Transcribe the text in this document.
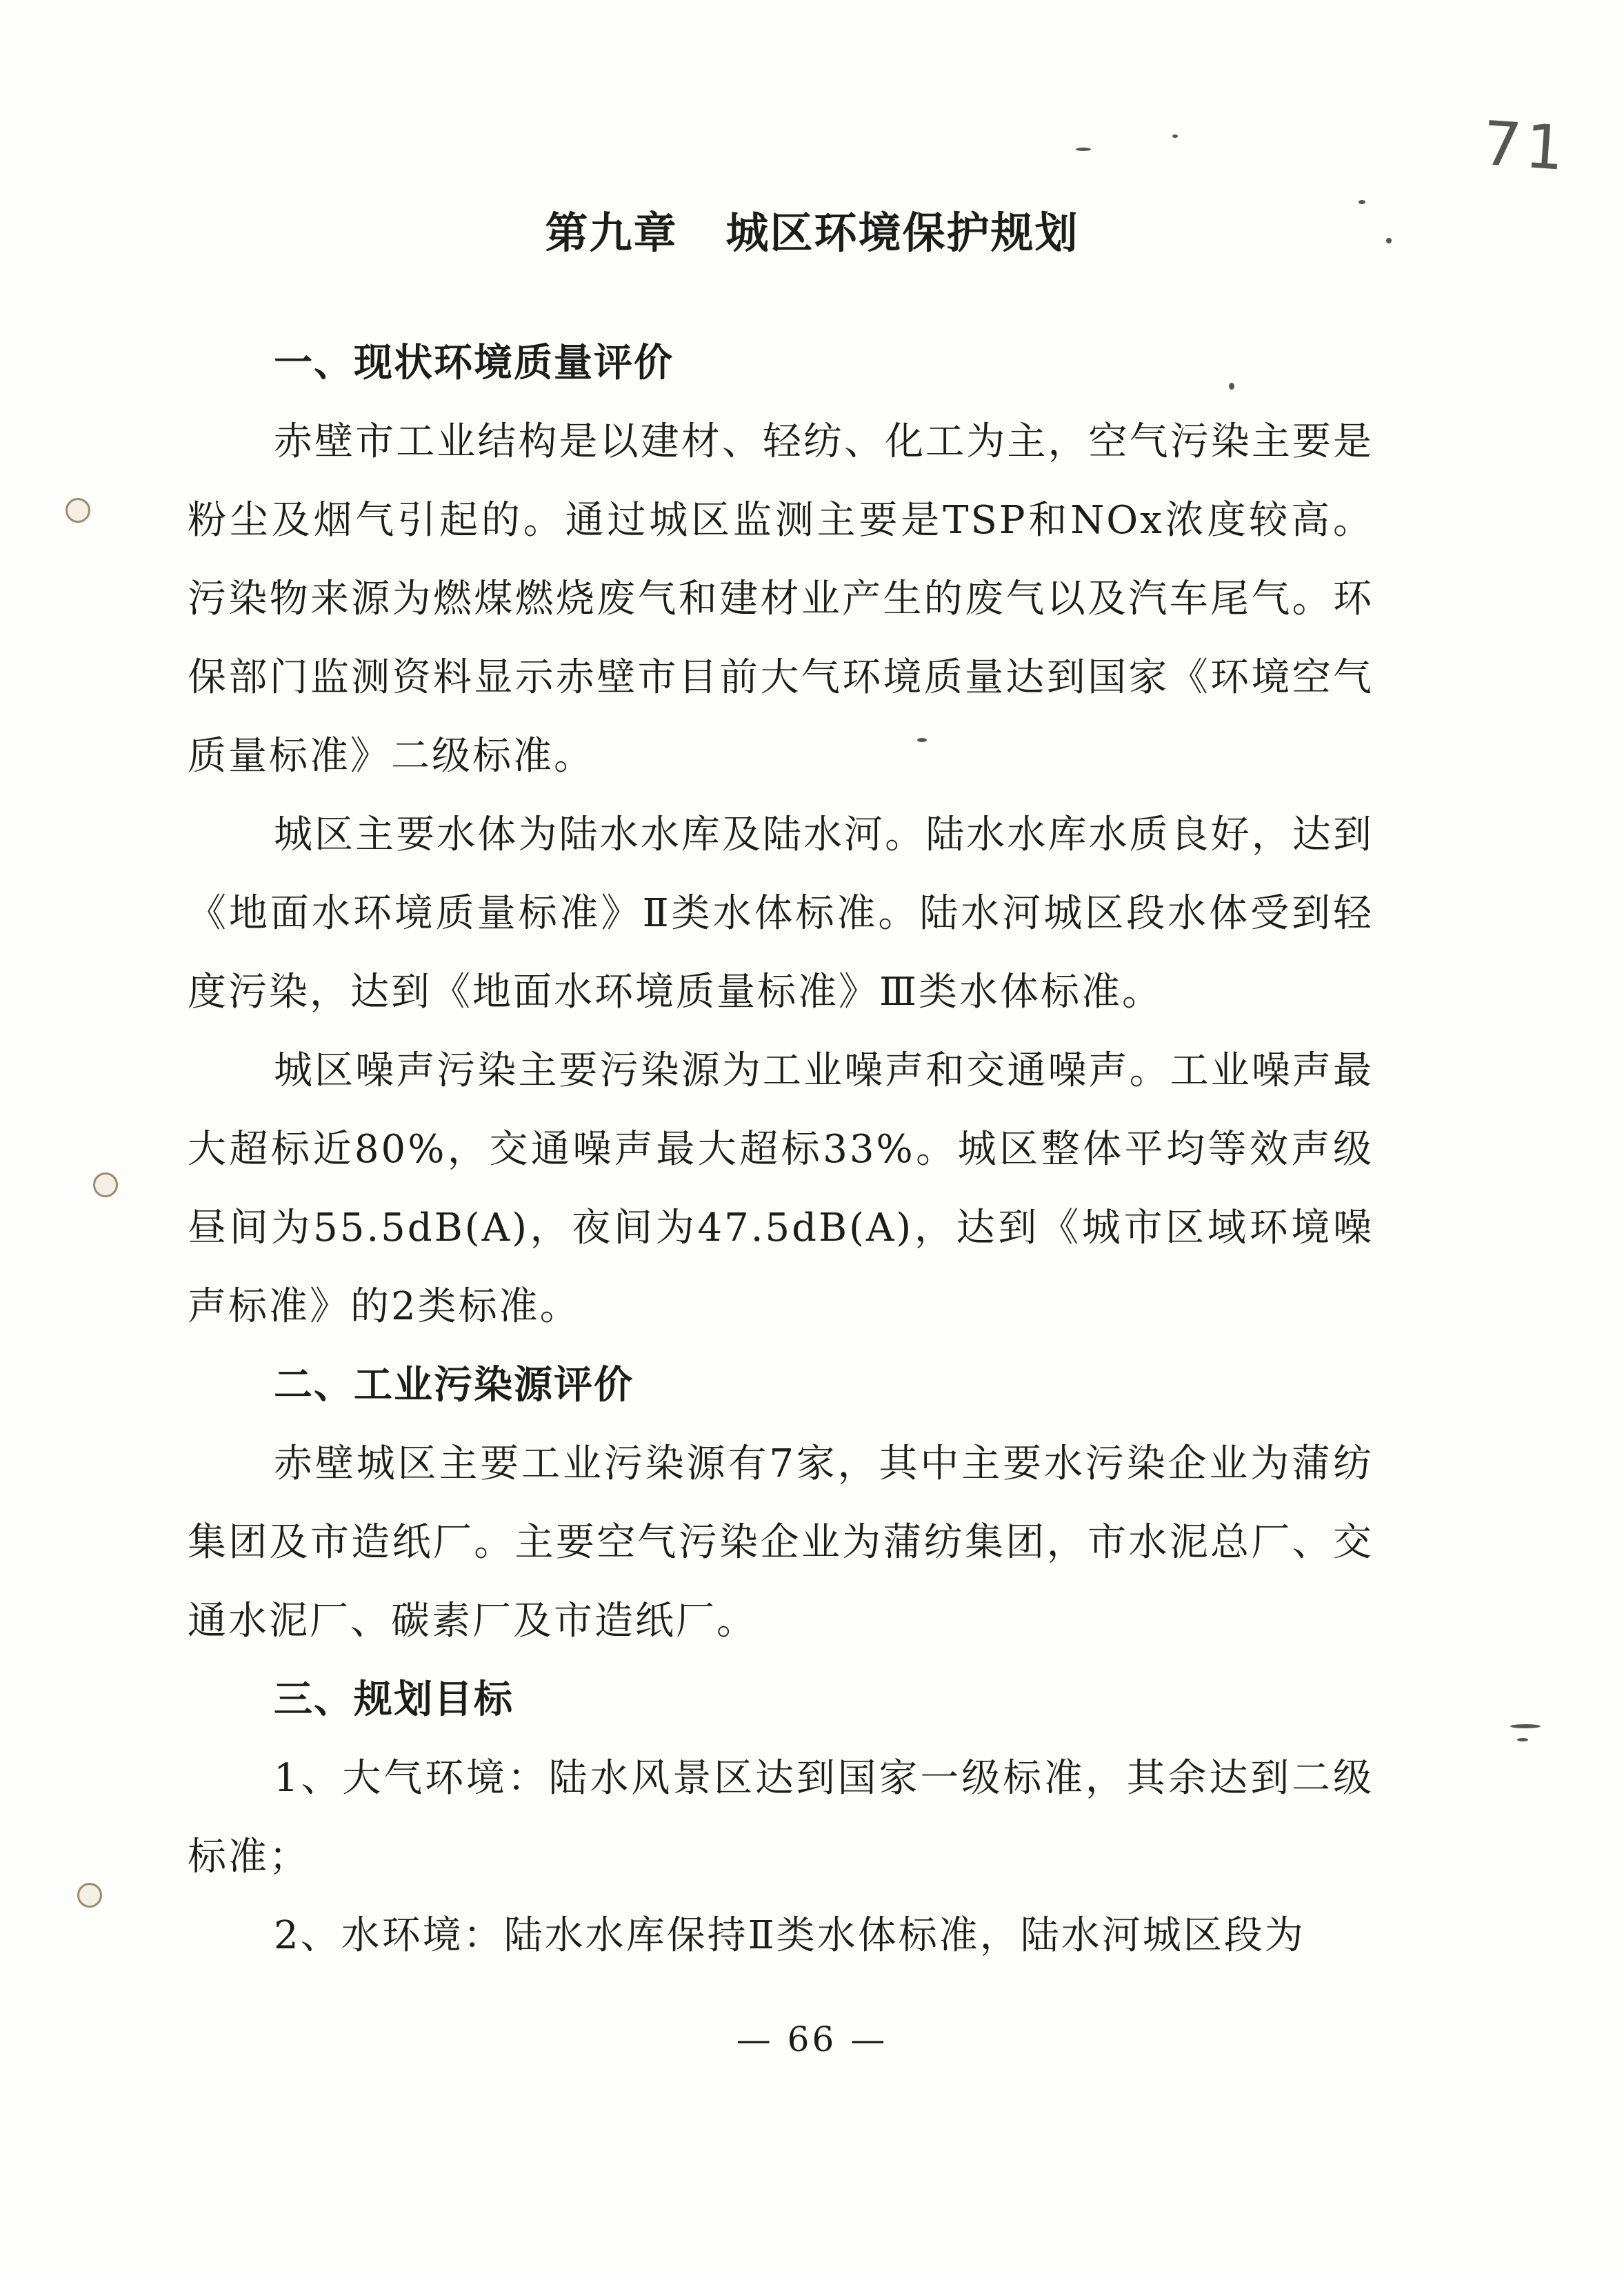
71
第九章 城区环境保护规划
一、现状环境质量评价

赤壁市工业结构是以建材、轻纺、化工为主，空气污染主要是粉尘及烟气引起的。通过城区监测主要是TSP和NOx浓度较高。污染物来源为燃煤燃烧废气和建材业产生的废气以及汽车尾气。环保部门监测资料显示赤壁市目前大气环境质量达到国家《环境空气质量标准》二级标准。

城区主要水体为陆水水库及陆水河。陆水水库水质良好，达到《地面水环境质量标准》Ⅱ类水体标准。陆水河城区段水体受到轻度污染，达到《地面水环境质量标准》Ⅲ类水体标准。

城区噪声污染主要污染源为工业噪声和交通噪声。工业噪声最大超标近80%，交通噪声最大超标33%。城区整体平均等效声级昼间为55.5dB(A)，夜间为47.5dB(A)，达到《城市区域环境噪声标准》的2类标准。

二、工业污染源评价

赤壁城区主要工业污染源有7家，其中主要水污染企业为蒲纺集团及市造纸厂。主要空气污染企业为蒲纺集团，市水泥总厂、交通水泥厂、碳素厂及市造纸厂。

三、规划目标

1、大气环境：陆水风景区达到国家一级标准，其余达到二级标准；

2、水环境：陆水水库保持Ⅱ类水体标准，陆水河城区段为

— 66 —
